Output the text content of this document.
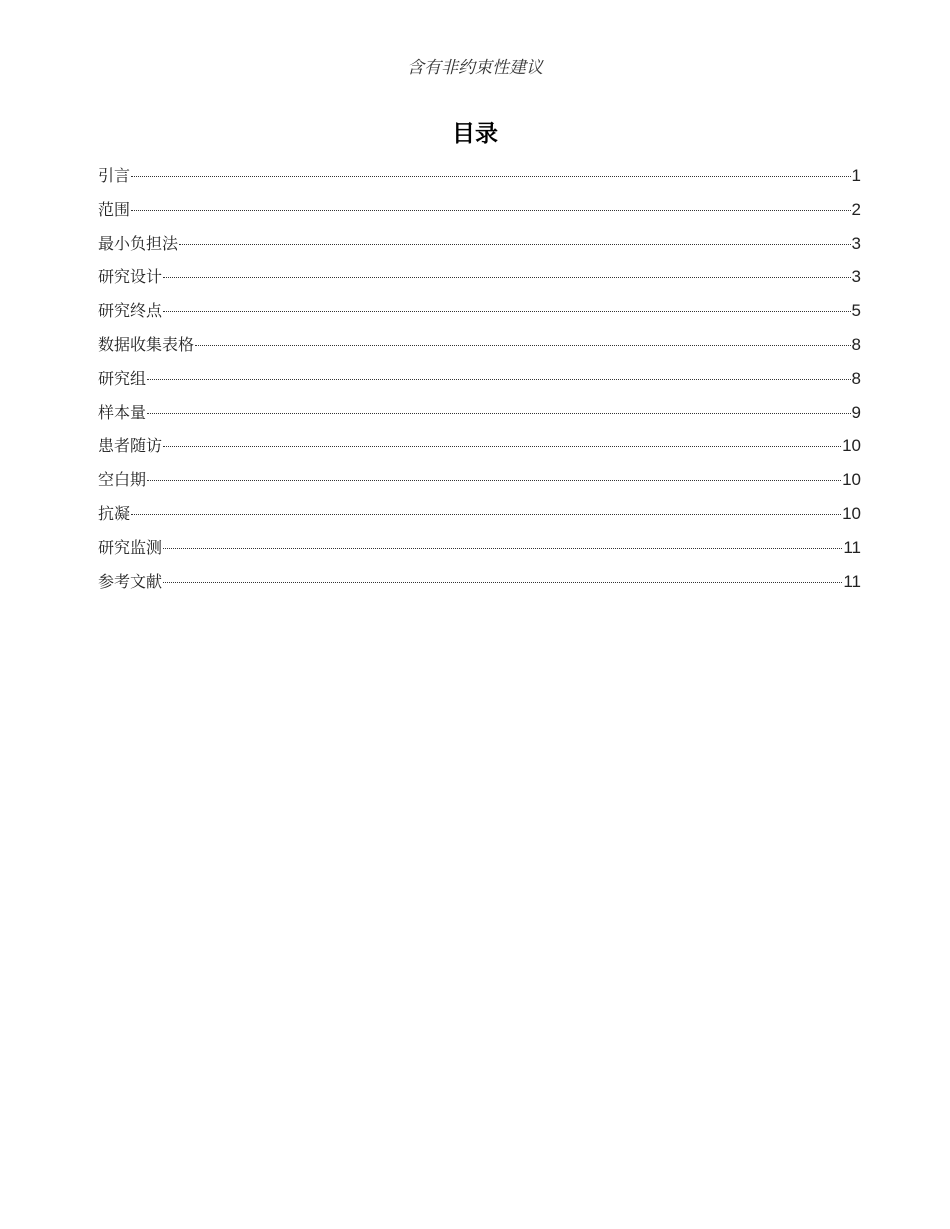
含有非约束性建议
目录
引言	1
范围	2
最小负担法	3
研究设计	3
研究终点	5
数据收集表格	8
研究组	8
样本量	9
患者随访	10
空白期	10
抗凝	10
研究监测	11
参考文献	11
